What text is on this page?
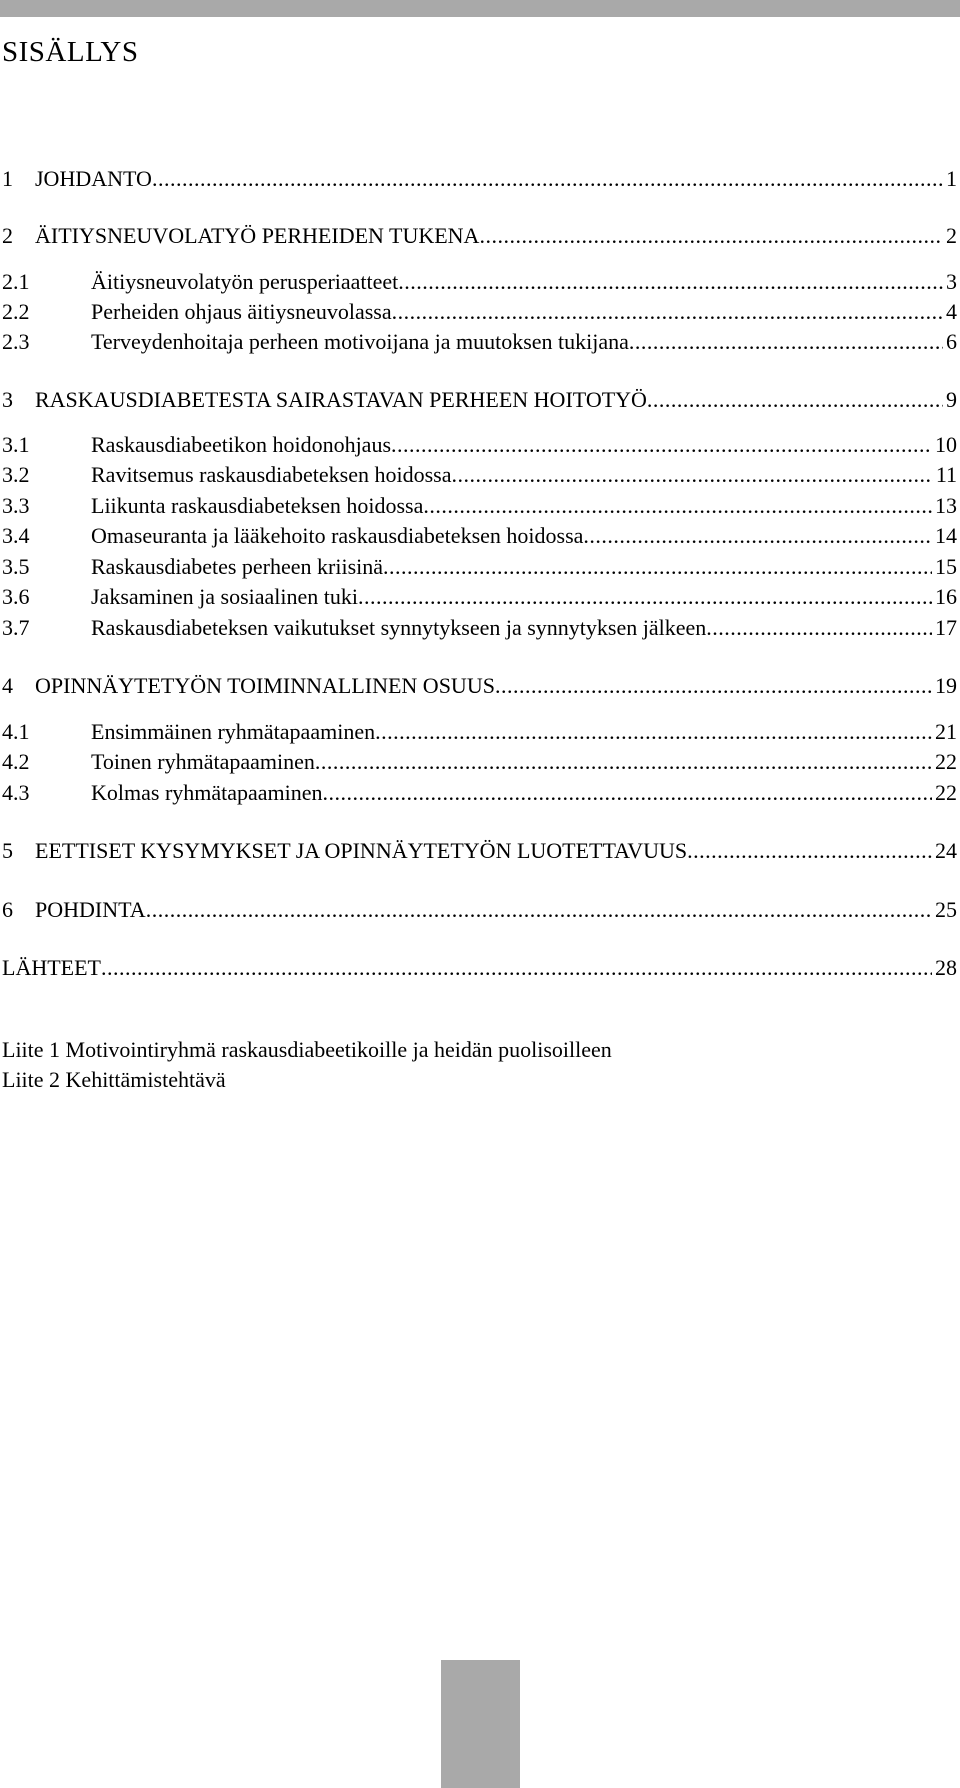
SISÄLLYS
1	JOHDANTO .....	1
2	ÄITIYSNEUVOLATYÖ PERHEIDEN TUKENA .....	2
2.1	Äitiysneuvolatyön perusperiaatteet .....	3
2.2	Perheiden ohjaus äitiysneuvolassa .....	4
2.3	Terveydenhoitaja perheen motivoijana ja muutoksen tukijana .....	6
3	RASKAUSDIABETESTA SAIRASTAVAN PERHEEN HOITOTYÖ .....	9
3.1	Raskausdiabeetikon hoidonohjaus .....	10
3.2	Ravitsemus raskausdiabeteksen hoidossa .....	11
3.3	Liikunta raskausdiabeteksen hoidossa .....	13
3.4	Omaseuranta ja lääkehoito raskausdiabeteksen hoidossa .....	14
3.5	Raskausdiabetes perheen kriisinä .....	15
3.6	Jaksaminen ja sosiaalinen tuki .....	16
3.7	Raskausdiabeteksen vaikutukset synnytykseen ja synnytyksen jälkeen .....	17
4	OPINNÄYTETYÖN TOIMINNALLINEN OSUUS .....	19
4.1	Ensimmäinen ryhmätapaaminen .....	21
4.2	Toinen ryhmätapaaminen .....	22
4.3	Kolmas ryhmätapaaminen .....	22
5	EETTISET KYSYMYKSET JA OPINNÄYTETYÖN LUOTETTAVUUS .....	24
6	POHDINTA .....	25
LÄHTEET .....	28
Liite 1 Motivointiryhmä raskausdiabeetikoille ja heidän puolisoilleen
Liite 2 Kehittämistehtävä
